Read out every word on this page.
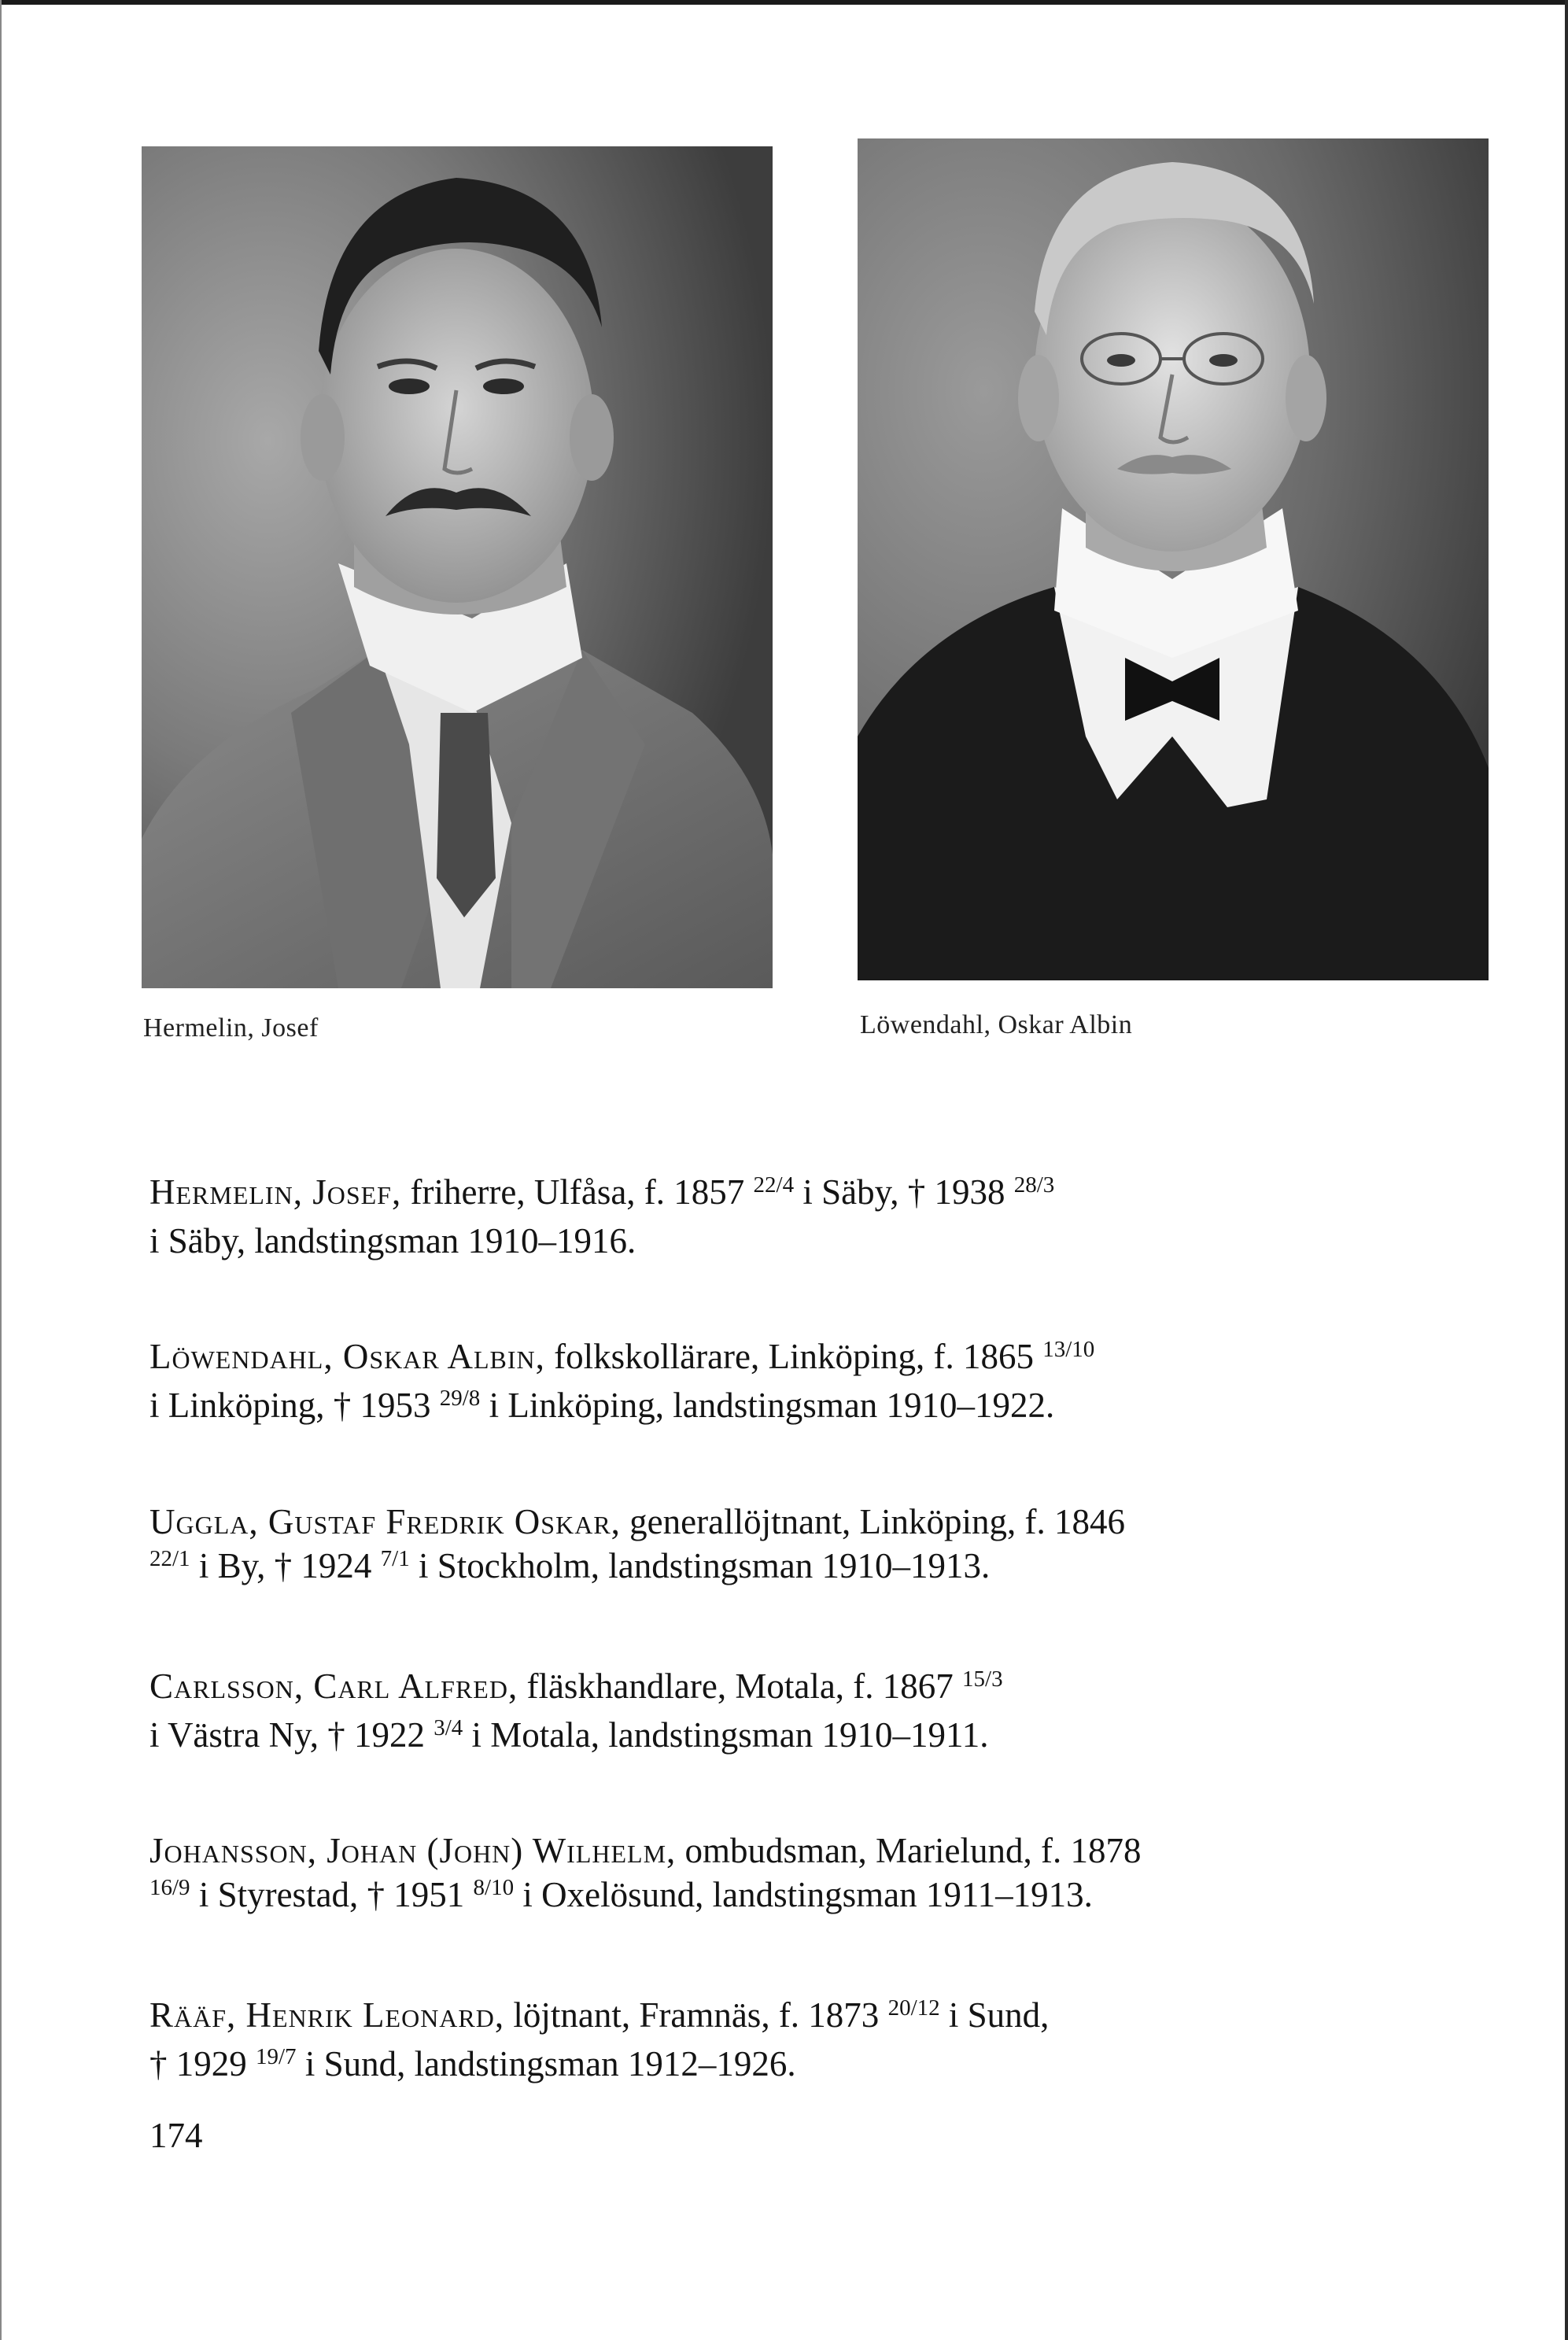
Hermelin, Josef	Löwendahl, Oskar Albin
Hermelin, Josef, friherre, Ulfåsa, f. 1857 $^{22/4}$ i Säby, † 1938 $^{28/3}$
i Säby, landstingsman 1910–1916.
Löwendahl, Oskar Albin, folkskollärare, Linköping, f. 1865 $^{13/10}$
i Linköping, † 1953 $^{29/8}$ i Linköping, landstingsman 1910–1922.
Uggla, Gustaf Fredrik Oskar, generallöjtnant, Linköping, f. 1846
$^{22/1}$ i By, † 1924 $^{7/1}$ i Stockholm, landstingsman 1910–1913.
Carlsson, Carl Alfred, fläskhandlare, Motala, f. 1867 $^{15/3}$
i Västra Ny, † 1922 $^{3/4}$ i Motala, landstingsman 1910–1911.
Johansson, Johan (John) Wilhelm, ombudsman, Marielund, f. 1878
$^{16/9}$ i Styrestad, † 1951 $^{8/10}$ i Oxelösund, landstingsman 1911–1913.
Rääf, Henrik Leonard, löjtnant, Framnäs, f. 1873 $^{20/12}$ i Sund,
† 1929 $^{19/7}$ i Sund, landstingsman 1912–1926.
174
